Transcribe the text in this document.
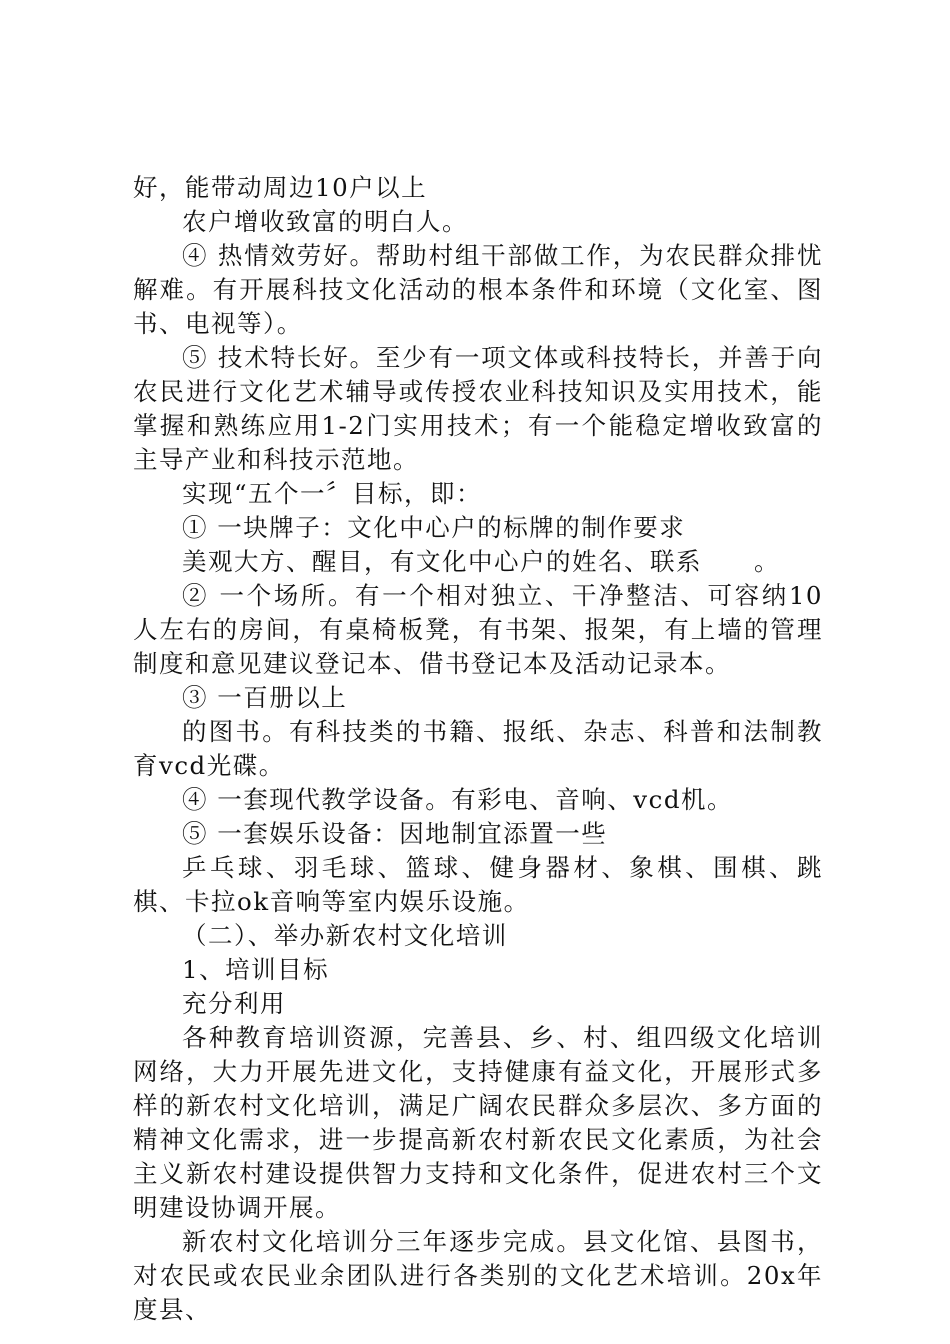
好，能带动周边10户以上

农户增收致富的明白人。

④ 热情效劳好。帮助村组干部做工作，为农民群众排忧解难。有开展科技文化活动的根本条件和环境（文化室、图书、电视等）。

⑤ 技术特长好。至少有一项文体或科技特长，并善于向农民进行文化艺术辅导或传授农业科技知识及实用技术，能掌握和熟练应用1-2门实用技术；有一个能稳定增收致富的主导产业和科技示范地。

实现“五个一〞目标，即：

① 一块牌子：文化中心户的标牌的制作要求

美观大方、醒目，有文化中心户的姓名、联系　　。

② 一个场所。有一个相对独立、干净整洁、可容纳10人左右的房间，有桌椅板凳，有书架、报架，有上墙的管理制度和意见建议登记本、借书登记本及活动记录本。

③ 一百册以上

的图书。有科技类的书籍、报纸、杂志、科普和法制教育vcd光碟。

④ 一套现代教学设备。有彩电、音响、vcd机。

⑤ 一套娱乐设备：因地制宜添置一些

乒乓球、羽毛球、篮球、健身器材、象棋、围棋、跳棋、卡拉ok音响等室内娱乐设施。

（二）、举办新农村文化培训

1、培训目标

充分利用

各种教育培训资源，完善县、乡、村、组四级文化培训网络，大力开展先进文化，支持健康有益文化，开展形式多样的新农村文化培训，满足广阔农民群众多层次、多方面的精神文化需求，进一步提高新农村新农民文化素质，为社会主义新农村建设提供智力支持和文化条件，促进农村三个文明建设协调开展。

新农村文化培训分三年逐步完成。县文化馆、县图书，对农民或农民业余团队进行各类别的文化艺术培训。20x年度县、
